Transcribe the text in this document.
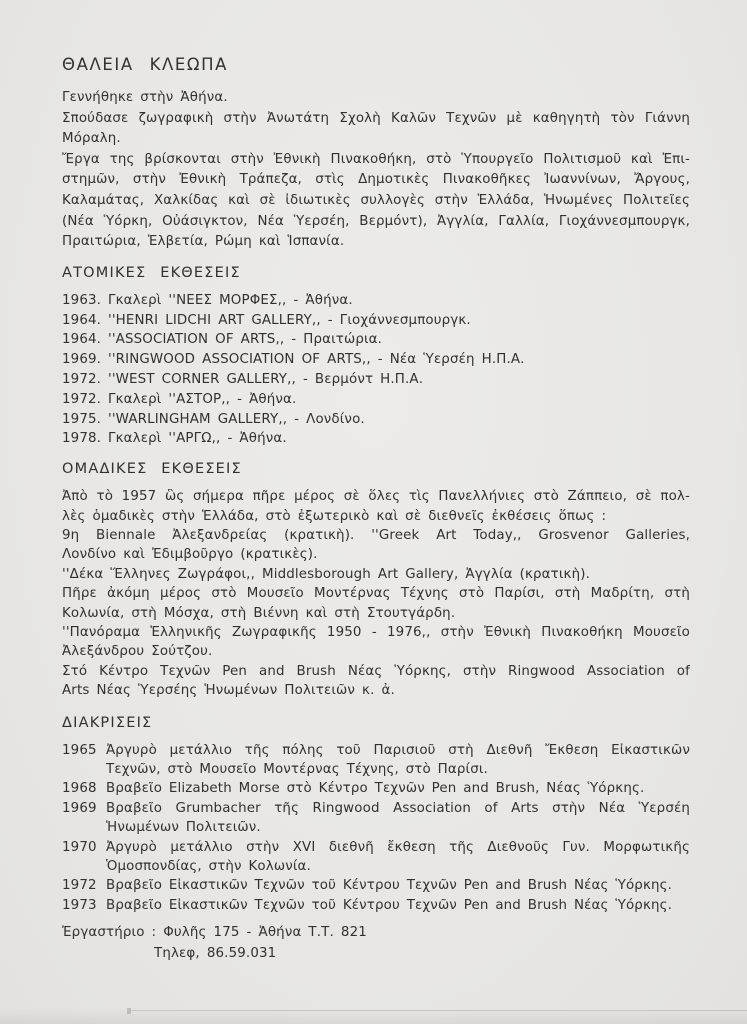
ΘΑΛΕΙΑ ΚΛΕΩΠΑ
Γεννήθηκε στὴν Ἀθήνα.
Σπούδασε ζωγραφικὴ στὴν Ἀνωτάτη Σχολὴ Καλῶν Τεχνῶν μὲ καθηγητὴ τὸν Γιάννη
Μόραλη.
Ἔργα της βρίσκονται στὴν Ἐθνικὴ Πινακοθήκη, στὸ Ὑπουργεῖο Πολιτισμοῦ καὶ Ἐπι-
στημῶν, στὴν Ἐθνικὴ Τράπεζα, στὶς Δημοτικὲς Πινακοθῆκες Ἰωαννίνων, Ἄργους,
Καλαμάτας, Χαλκίδας καὶ σὲ ἰδιωτικὲς συλλογὲς στὴν Ἑλλάδα, Ἡνωμένες Πολιτεῖες
(Νέα Ὑόρκη, Οὐάσιγκτον, Νέα Ὑερσέη, Βερμόντ), Ἀγγλία, Γαλλία, Γιοχάννεσμπουργκ,
Πραιτώρια, Ἑλβετία, Ρώμη καὶ Ἱσπανία.
ΑΤΟΜΙΚΕΣ ΕΚΘΕΣΕΙΣ
1963. Γκαλερὶ ''ΝΕΕΣ ΜΟΡΦΕΣ,, - Ἀθήνα.
1964. ''HENRI LIDCHI ART GALLERY,, - Γιοχάννεσμπουργκ.
1964. ''ASSOCIATION OF ARTS,, - Πραιτώρια.
1969. ''RINGWOOD ASSOCIATION OF ARTS,, - Νέα Ὑερσέη Η.Π.Α.
1972. ''WEST CORNER GALLERY,, - Βερμόντ Η.Π.Α.
1972. Γκαλερὶ ''ΑΣΤΟΡ,, - Ἀθήνα.
1975. ''WARLINGHAM GALLERY,, - Λονδίνο.
1978. Γκαλερὶ ''ΑΡΓΩ,, - Ἀθήνα.
ΟΜΑΔΙΚΕΣ ΕΚΘΕΣΕΙΣ
Ἀπὸ τὸ 1957 ὣς σήμερα πῆρε μέρος σὲ ὅλες τὶς Πανελλήνιες στὸ Ζάππειο, σὲ πολ-
λὲς ὁμαδικὲς στὴν Ἑλλάδα, στὸ ἐξωτερικὸ καὶ σὲ διεθνεῖς ἐκθέσεις ὅπως :
9η Biennale Ἀλεξανδρείας (κρατικὴ). ''Greek Art Today,, Grosvenor Galleries,
Λονδίνο καὶ Ἐδιμβοῦργο (κρατικὲς).
''Δέκα Ἕλληνες Ζωγράφοι,, Middlesborough Art Gallery, Ἀγγλία (κρατικὴ).
Πῆρε ἀκόμη μέρος στὸ Μουσεῖο Μοντέρνας Τέχνης στὸ Παρίσι, στὴ Μαδρίτη, στὴ
Κολωνία, στὴ Μόσχα, στὴ Βιέννη καὶ στὴ Στουτγάρδη.
''Πανόραμα Ἑλληνικῆς Ζωγραφικῆς 1950 - 1976,, στὴν Ἐθνικὴ Πινακοθήκη Μουσεῖο
Ἀλεξάνδρου Σούτζου.
Στό Κέντρο Τεχνῶν Pen and Brush Νέας Ὑόρκης, στὴν Ringwood Association of
Arts Νέας Ὑερσέης Ἡνωμένων Πολιτειῶν κ. ἀ.
ΔΙΑΚΡΙΣΕΙΣ
1965 Ἀργυρὸ μετάλλιο τῆς πόλης τοῦ Παρισιοῦ στὴ Διεθνῆ Ἔκθεση Εἰκαστικῶν
Τεχνῶν, στὸ Μουσεῖο Μοντέρνας Τέχνης, στὸ Παρίσι.
1968 Βραβεῖο Elizabeth Morse στὸ Κέντρο Τεχνῶν Pen and Brush, Νέας Ὑόρκης.
1969 Βραβεῖο Grumbacher τῆς Ringwood Association of Arts στὴν Νέα Ὑερσέη
Ἡνωμένων Πολιτειῶν.
1970 Ἀργυρὸ μετάλλιο στὴν XVI διεθνῆ ἔκθεση τῆς Διεθνοῦς Γυν. Μορφωτικῆς
Ὁμοσπονδίας, στὴν Κολωνία.
1972 Βραβεῖο Εἰκαστικῶν Τεχνῶν τοῦ Κέντρου Τεχνῶν Pen and Brush Νέας Ὑόρκης.
1973 Βραβεῖο Εἰκαστικῶν Τεχνῶν τοῦ Κέντρου Τεχνῶν Pen and Brush Νέας Ὑόρκης.
Ἐργαστήριο : Φυλῆς 175 - Ἀθήνα Τ.Τ. 821
Τηλεφ, 86.59.031
